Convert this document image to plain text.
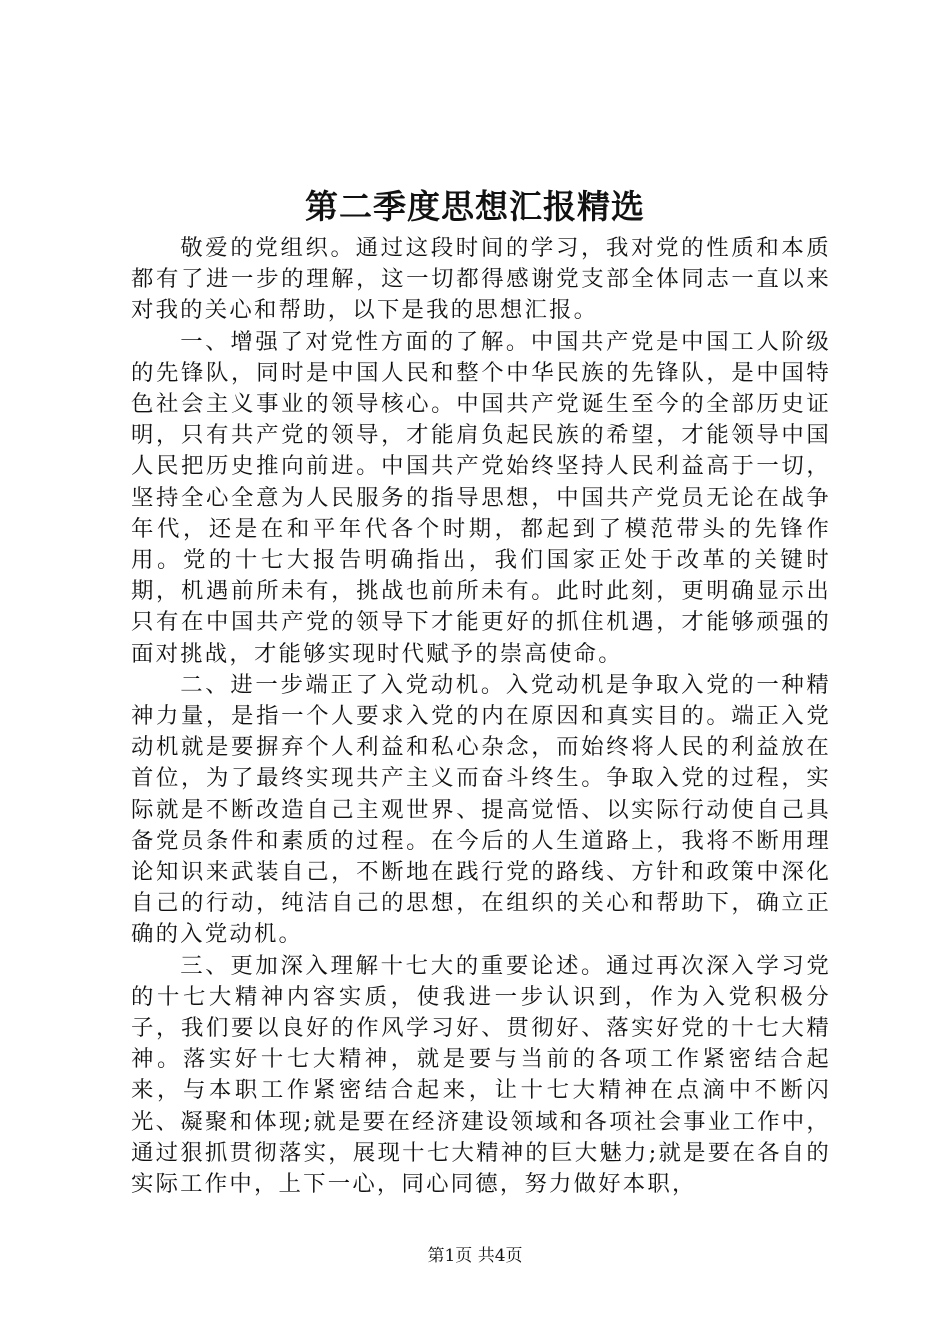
第二季度思想汇报精选

敬爱的党组织。通过这段时间的学习，我对党的性质和本质都有了进一步的理解，这一切都得感谢党支部全体同志一直以来对我的关心和帮助，以下是我的思想汇报。

一、增强了对党性方面的了解。中国共产党是中国工人阶级的先锋队，同时是中国人民和整个中华民族的先锋队，是中国特色社会主义事业的领导核心。中国共产党诞生至今的全部历史证明，只有共产党的领导，才能肩负起民族的希望，才能领导中国人民把历史推向前进。中国共产党始终坚持人民利益高于一切，坚持全心全意为人民服务的指导思想，中国共产党员无论在战争年代，还是在和平年代各个时期，都起到了模范带头的先锋作用。党的十七大报告明确指出，我们国家正处于改革的关键时期，机遇前所未有，挑战也前所未有。此时此刻，更明确显示出只有在中国共产党的领导下才能更好的抓住机遇，才能够顽强的面对挑战，才能够实现时代赋予的崇高使命。

二、进一步端正了入党动机。入党动机是争取入党的一种精神力量，是指一个人要求入党的内在原因和真实目的。端正入党动机就是要摒弃个人利益和私心杂念，而始终将人民的利益放在首位，为了最终实现共产主义而奋斗终生。争取入党的过程，实际就是不断改造自己主观世界、提高觉悟、以实际行动使自己具备党员条件和素质的过程。在今后的人生道路上，我将不断用理论知识来武装自己，不断地在践行党的路线、方针和政策中深化自己的行动，纯洁自己的思想，在组织的关心和帮助下，确立正确的入党动机。

三、更加深入理解十七大的重要论述。通过再次深入学习党的十七大精神内容实质，使我进一步认识到，作为入党积极分子，我们要以良好的作风学习好、贯彻好、落实好党的十七大精神。落实好十七大精神，就是要与当前的各项工作紧密结合起来，与本职工作紧密结合起来，让十七大精神在点滴中不断闪光、凝聚和体现;就是要在经济建设领域和各项社会事业工作中，通过狠抓贯彻落实，展现十七大精神的巨大魅力;就是要在各自的实际工作中，上下一心，同心同德，努力做好本职，

第1页 共4页
